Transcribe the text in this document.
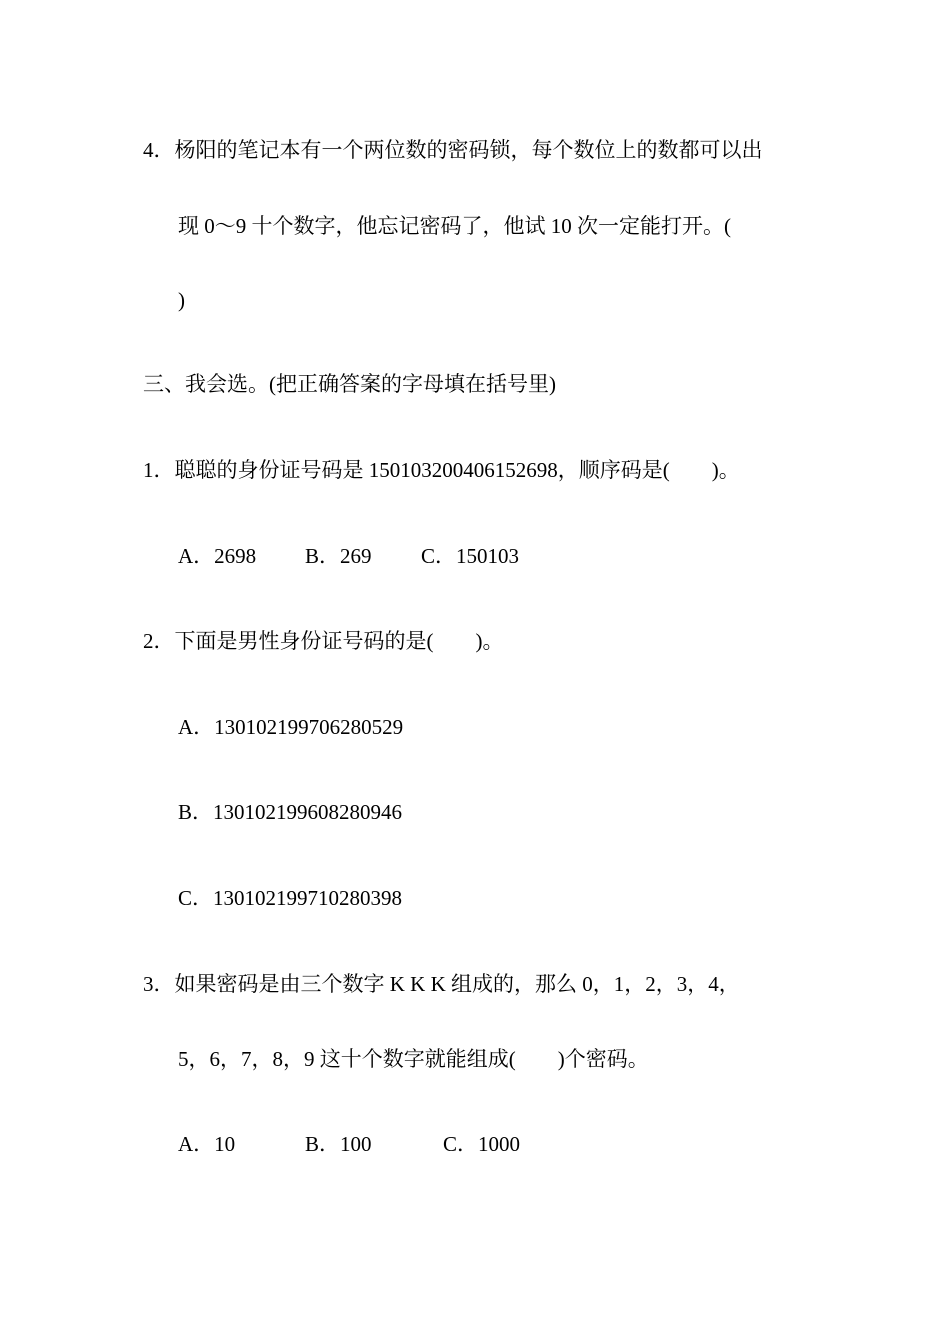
4．杨阳的笔记本有一个两位数的密码锁，每个数位上的数都可以出
现 0～9 十个数字，他忘记密码了，他试 10 次一定能打开。(
)
三、我会选。(把正确答案的字母填在括号里)
1．聪聪的身份证号码是 150103200406152698，顺序码是(　　)。
A．2698 B．269 C．150103
2．下面是男性身份证号码的是(　　)。
A．130102199706280529
B．130102199608280946
C．130102199710280398
3．如果密码是由三个数字 K K K 组成的，那么 0，1，2，3，4，
5，6，7，8，9 这十个数字就能组成(　　)个密码。
A．10	B．100	C．1000
